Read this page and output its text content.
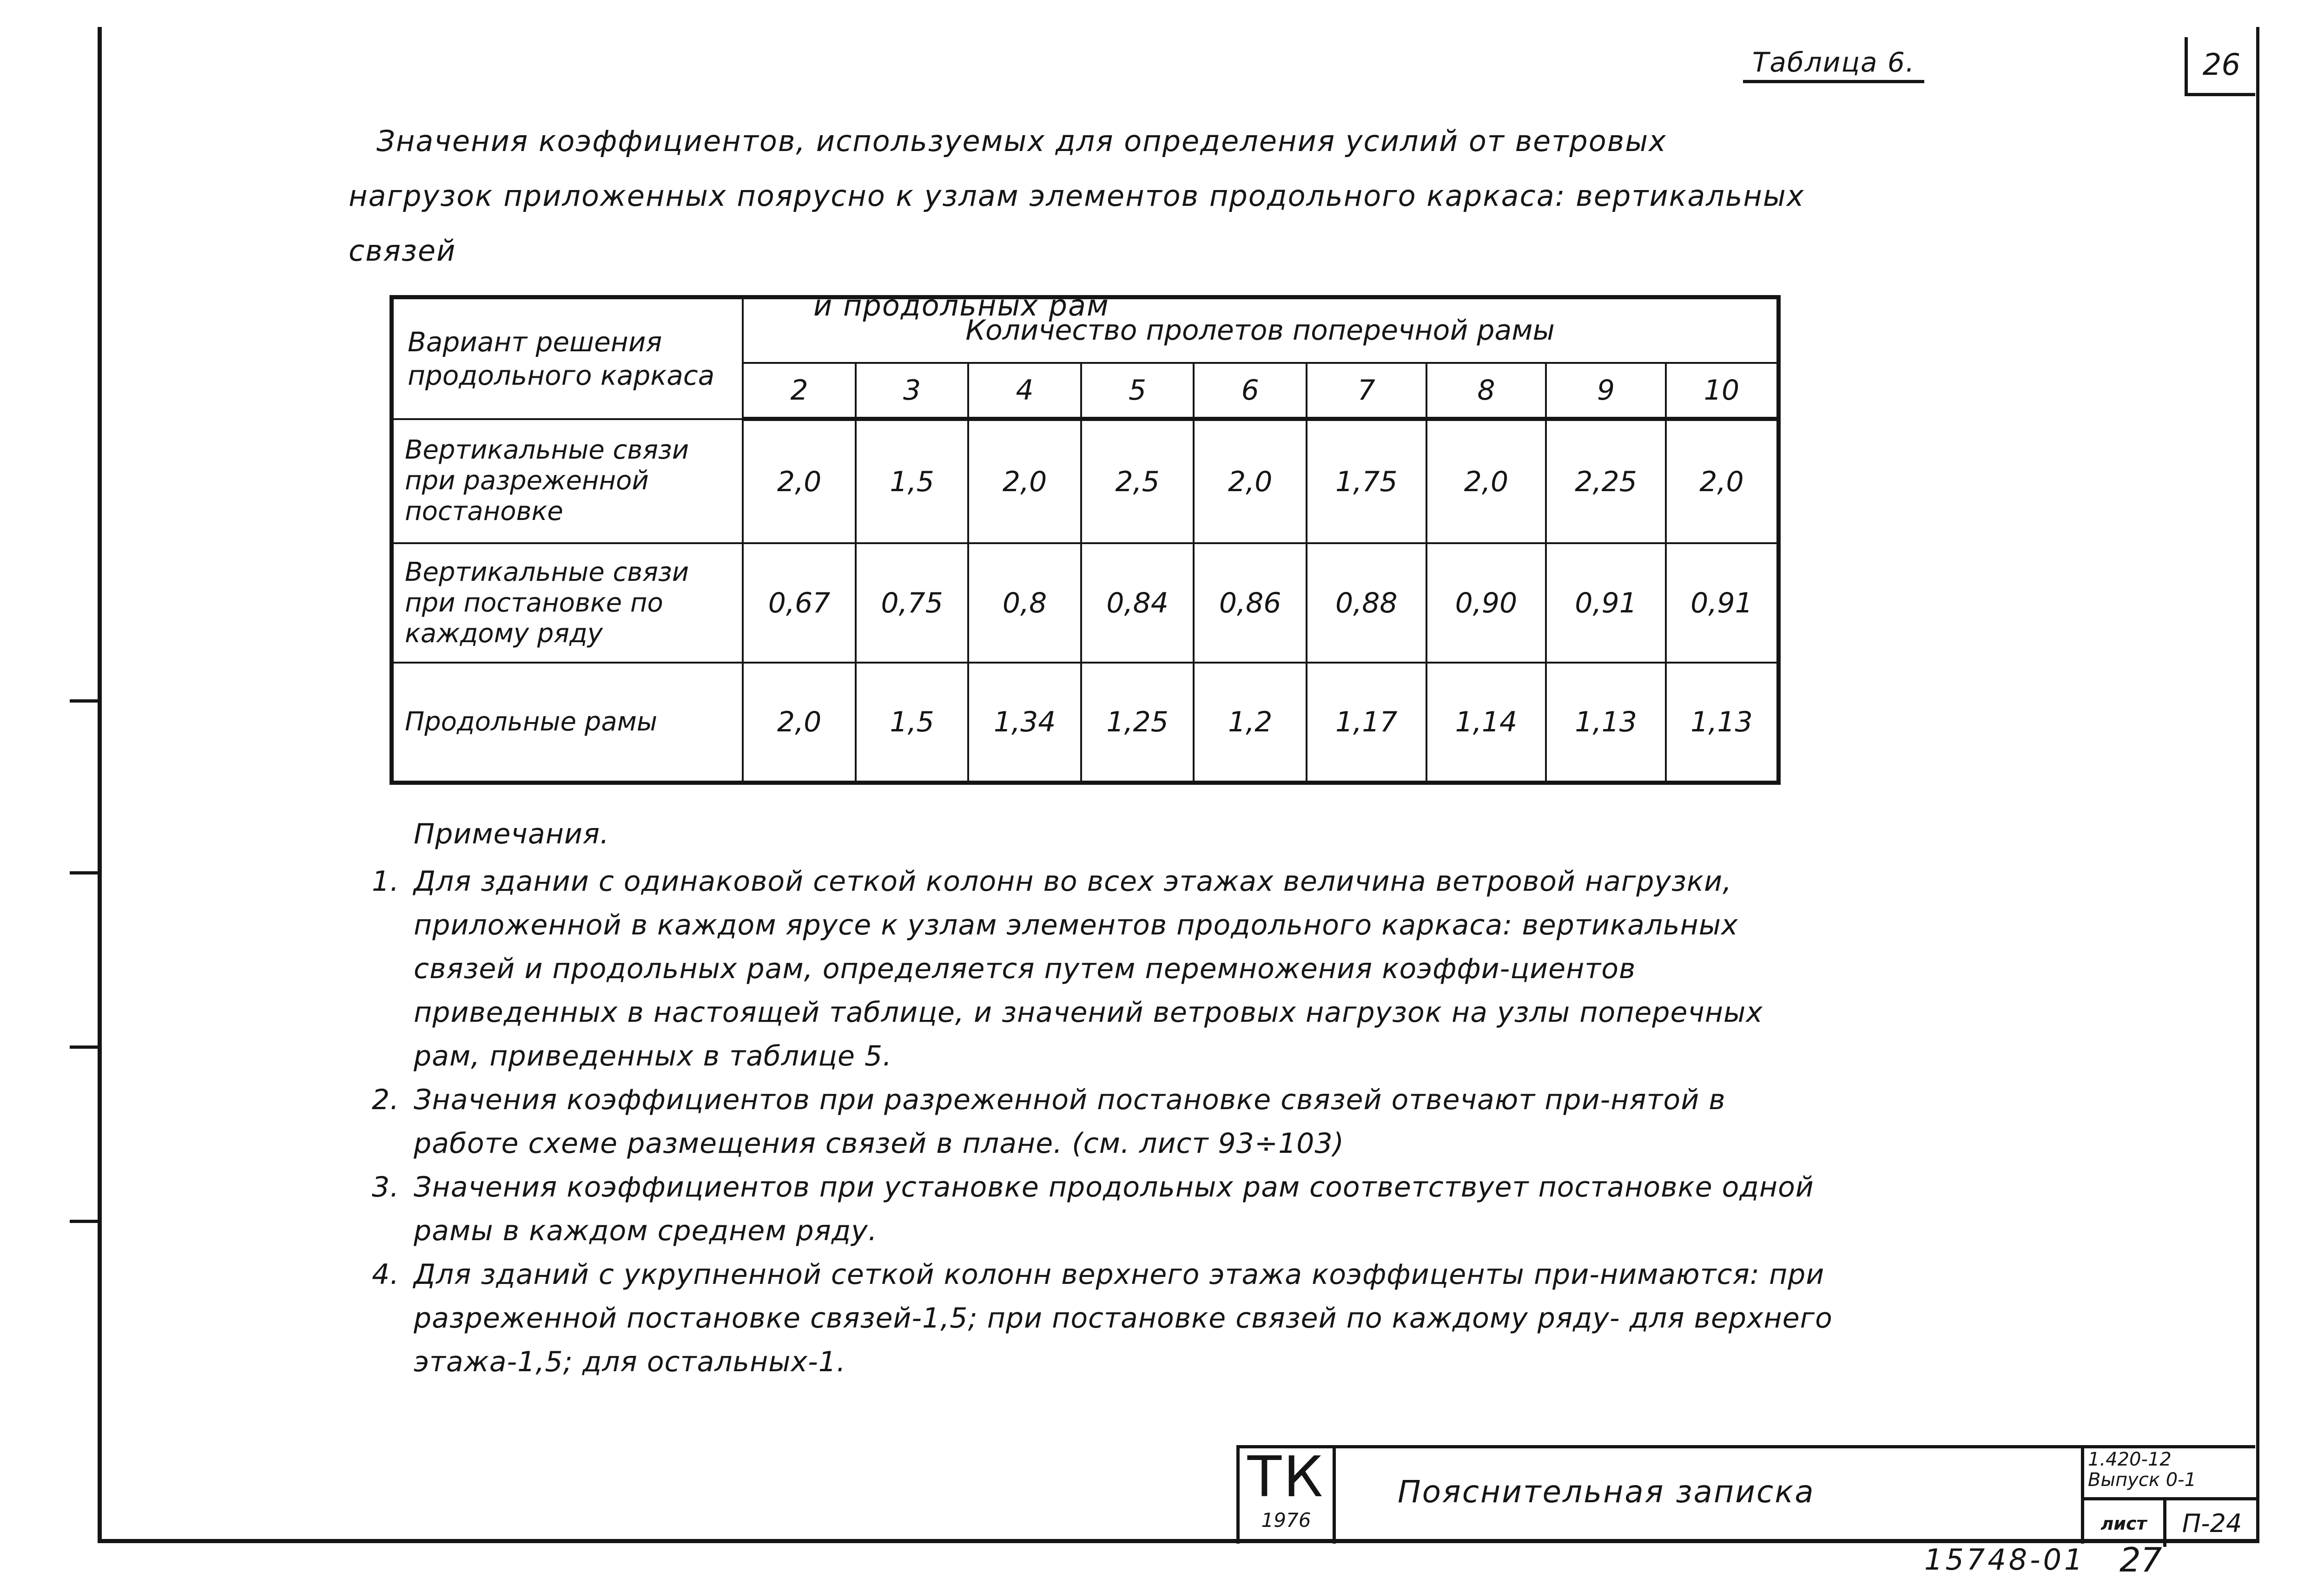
26
Таблица 6.
Значения коэффициентов, используемых для определения усилий от ветровых
нагрузок приложенных поярусно к узлам элементов продольного каркаса: вертикальных связей
и продольных рам
Вариант решения продольного каркаса	Количество пролетов поперечной рамы								
	2	3	4	5	6	7	8	9	10
Вертикальные связи при разреженной постановке	2,0	1,5	2,0	2,5	2,0	1,75	2,0	2,25	2,0
Вертикальные связи при постановке по каждому ряду	0,67	0,75	0,8	0,84	0,86	0,88	0,90	0,91	0,91
Продольные рамы	2,0	1,5	1,34	1,25	1,2	1,17	1,14	1,13	1,13
Примечания.
1. Для здании с одинаковой сеткой колонн во всех этажах величина ветровой нагрузки, приложенной в каждом ярусе к узлам элементов продольного каркаса: вертикальных связей и продольных рам, определяется путем перемножения коэффи-циентов приведенных в настоящей таблице, и значений ветровых нагрузок на узлы поперечных рам, приведенных в таблице 5.
2. Значения коэффициентов при разреженной постановке связей отвечают при-нятой в работе схеме размещения связей в плане. (см. лист 93÷103)
3. Значения коэффициентов при установке продольных рам соответствует постановке одной рамы в каждом среднем ряду.
4. Для зданий с укрупненной сеткой колонн верхнего этажа коэффиценты при-нимаются: при разреженной постановке связей-1,5; при постановке связей по каждому ряду- для верхнего этажа-1,5; для остальных-1.
ТК
1976
Пояснительная записка
1.420-12
Выпуск 0-1
лист	П-24
15748-01 27
